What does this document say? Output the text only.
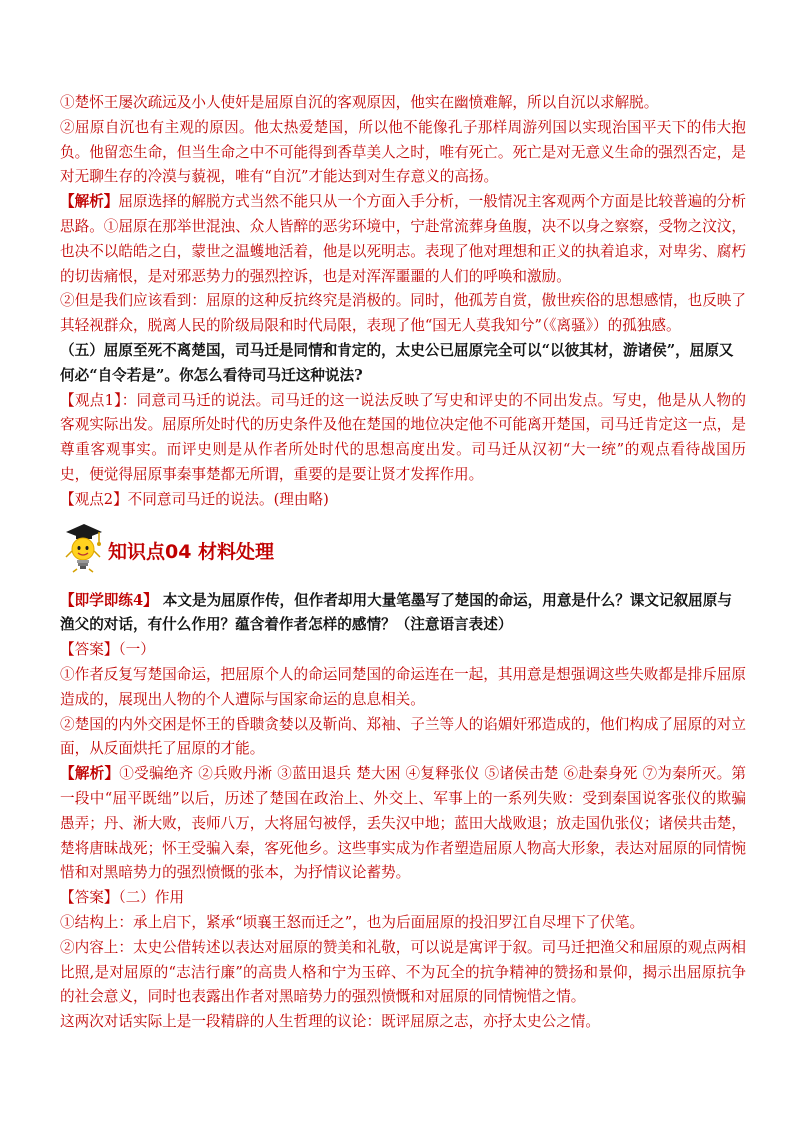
①楚怀王屡次疏远及小人使奸是屈原自沉的客观原因，他实在幽愤难解，所以自沉以求解脱。

②屈原自沉也有主观的原因。他太热爱楚国，所以他不能像孔子那样周游列国以实现治国平天下的伟大抱负。他留恋生命，但当生命之中不可能得到香草美人之时，唯有死亡。死亡是对无意义生命的强烈否定，是对无聊生存的冷漠与藐视，唯有“自沉”才能达到对生存意义的高扬。

【解析】屈原选择的解脱方式当然不能只从一个方面入手分析，一般情况主客观两个方面是比较普遍的分析思路。①屈原在那举世混浊、众人皆醉的恶劣环境中，宁赴常流葬身鱼腹，决不以身之察察，受物之汶汶，也决不以皓皓之白，蒙世之温蠖地活着，他是以死明志。表现了他对理想和正义的执着追求，对卑劣、腐朽的切齿痛恨，是对邪恶势力的强烈控诉，也是对浑浑噩噩的人们的呼唤和激励。

②但是我们应该看到：屈原的这种反抗终究是消极的。同时，他孤芳自赏，傲世疾俗的思想感情，也反映了其轻视群众，脱离人民的阶级局限和时代局限，表现了他“国无人莫我知兮”（《离骚》）的孤独感。

（五）屈原至死不离楚国，司马迁是同情和肯定的，太史公已屈原完全可以“以彼其材，游诸侯”，屈原又何必“自令若是”。你怎么看待司马迁这种说法?

【观点1】：同意司马迁的说法。司马迁的这一说法反映了写史和评史的不同出发点。写史，他是从人物的客观实际出发。屈原所处时代的历史条件及他在楚国的地位决定他不可能离开楚国，司马迁肯定这一点，是尊重客观事实。而评史则是从作者所处时代的思想高度出发。司马迁从汉初“大一统”的观点看待战国历史，便觉得屈原事秦事楚都无所谓，重要的是要让贤才发挥作用。

【观点2】不同意司马迁的说法。(理由略)

知识点04 材料处理

【即学即练4】 本文是为屈原作传，但作者却用大量笔墨写了楚国的命运，用意是什么？课文记叙屈原与渔父的对话，有什么作用？蕴含着作者怎样的感情？（注意语言表述）

【答案】（一）

①作者反复写楚国命运，把屈原个人的命运同楚国的命运连在一起，其用意是想强调这些失败都是排斥屈原造成的，展现出人物的个人遭际与国家命运的息息相关。

②楚国的内外交困是怀王的昏聩贪婪以及靳尚、郑袖、子兰等人的谄媚奸邪造成的，他们构成了屈原的对立面，从反面烘托了屈原的才能。

【解析】①受骗绝齐 ②兵败丹淅 ③蓝田退兵 楚大困 ④复释张仪 ⑤诸侯击楚 ⑥赴秦身死 ⑦为秦所灭。第一段中“屈平既绌”以后，历述了楚国在政治上、外交上、军事上的一系列失败：受到秦国说客张仪的欺骗愚弄；丹、淅大败，丧师八万，大将屈匄被俘，丢失汉中地；蓝田大战败退；放走国仇张仪；诸侯共击楚，楚将唐昧战死；怀王受骗入秦，客死他乡。这些事实成为作者塑造屈原人物高大形象，表达对屈原的同情惋惜和对黑暗势力的强烈愤慨的张本，为抒情议论蓄势。

【答案】（二）作用

①结构上：承上启下，紧承“顷襄王怒而迁之”，也为后面屈原的投汨罗江自尽埋下了伏笔。

②内容上：太史公借转述以表达对屈原的赞美和礼敬，可以说是寓评于叙。司马迁把渔父和屈原的观点两相比照,是对屈原的“志洁行廉”的高贵人格和宁为玉碎、不为瓦全的抗争精神的赞扬和景仰，揭示出屈原抗争的社会意义，同时也表露出作者对黑暗势力的强烈愤慨和对屈原的同情惋惜之情。

这两次对话实际上是一段精辟的人生哲理的议论：既评屈原之志，亦抒太史公之情。
